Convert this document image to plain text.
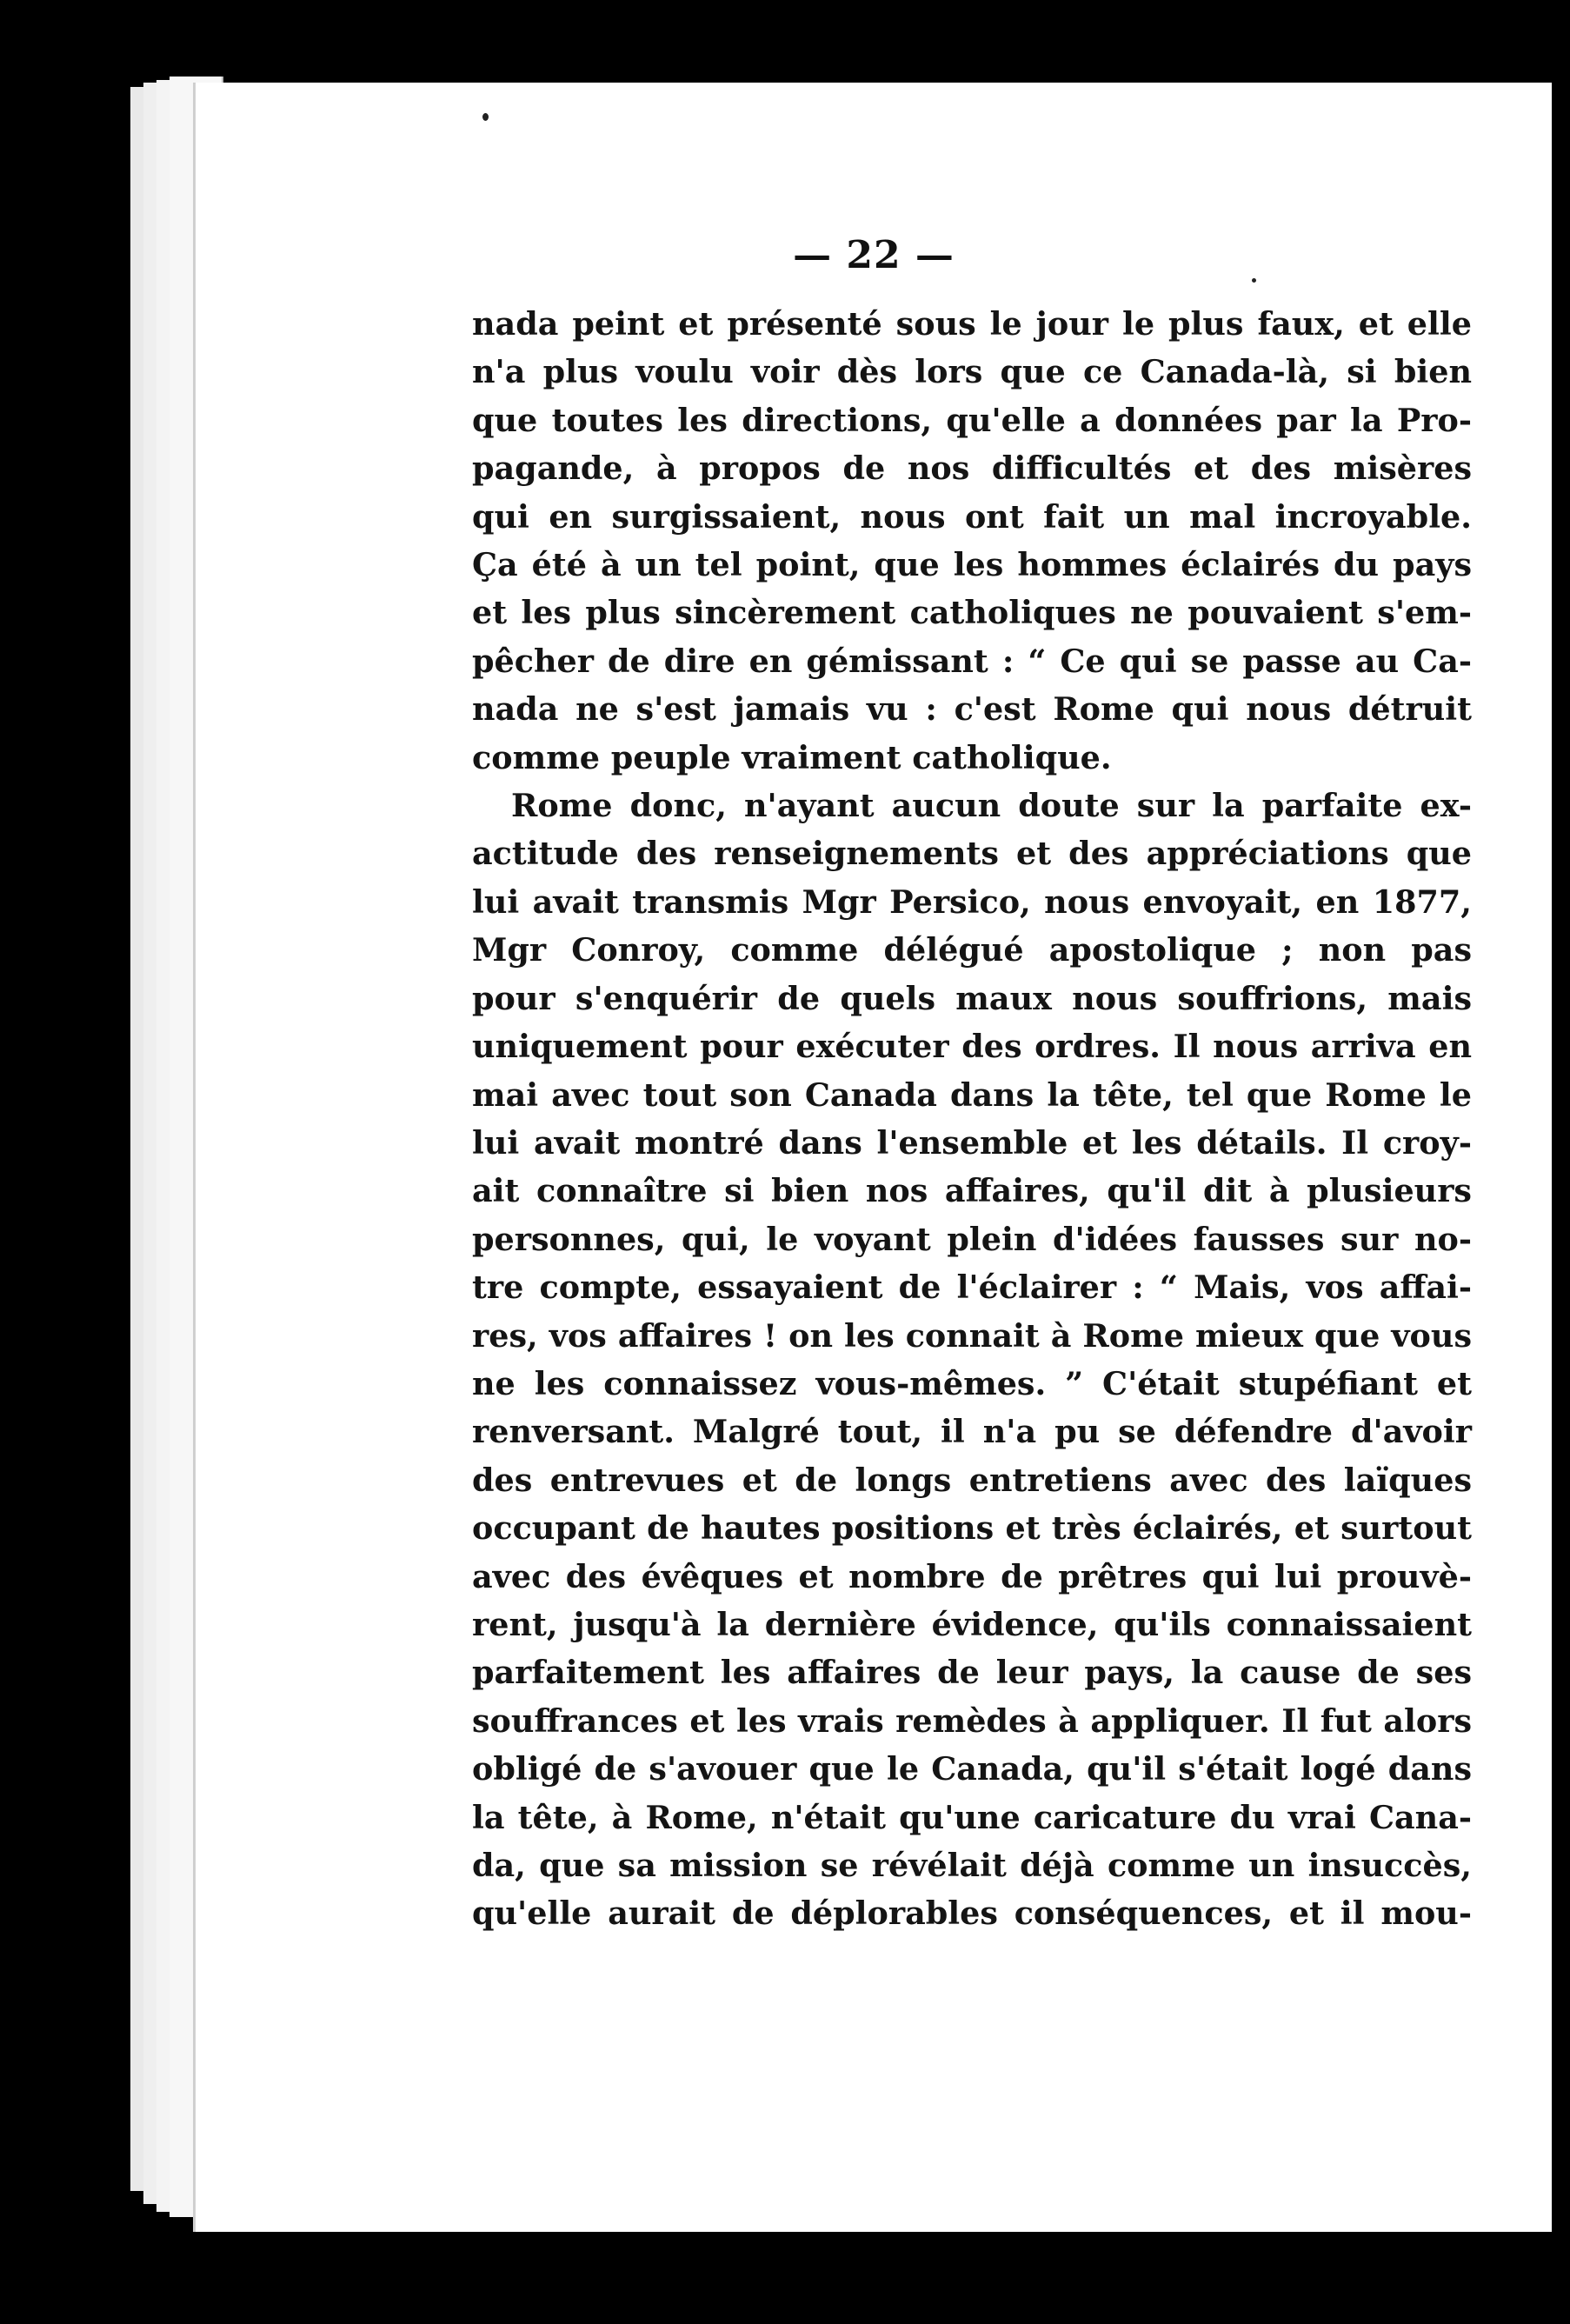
— 22 —

nada peint et présenté sous le jour le plus faux, et elle

n'a plus voulu voir dès lors que ce Canada-là, si bien

que toutes les directions, qu'elle a données par la Pro-

pagande, à propos de nos difficultés et des misères

qui en surgissaient, nous ont fait un mal incroyable.

Ça été à un tel point, que les hommes éclairés du pays

et les plus sincèrement catholiques ne pouvaient s'em-

pêcher de dire en gémissant : “ Ce qui se passe au Ca-

nada ne s'est jamais vu : c'est Rome qui nous détruit

comme peuple vraiment catholique.

Rome donc, n'ayant aucun doute sur la parfaite ex-

actitude des renseignements et des appréciations que

lui avait transmis Mgr Persico, nous envoyait, en 1877,

Mgr Conroy, comme délégué apostolique ; non pas

pour s'enquérir de quels maux nous souffrions, mais

uniquement pour exécuter des ordres. Il nous arriva en

mai avec tout son Canada dans la tête, tel que Rome le

lui avait montré dans l'ensemble et les détails. Il croy-

ait connaître si bien nos affaires, qu'il dit à plusieurs

personnes, qui, le voyant plein d'idées fausses sur no-

tre compte, essayaient de l'éclairer : “ Mais, vos affai-

res, vos affaires ! on les connait à Rome mieux que vous

ne les connaissez vous-mêmes. ” C'était stupéfiant et

renversant. Malgré tout, il n'a pu se défendre d'avoir

des entrevues et de longs entretiens avec des laïques

occupant de hautes positions et très éclairés, et surtout

avec des évêques et nombre de prêtres qui lui prouvè-

rent, jusqu'à la dernière évidence, qu'ils connaissaient

parfaitement les affaires de leur pays, la cause de ses

souffrances et les vrais remèdes à appliquer. Il fut alors

obligé de s'avouer que le Canada, qu'il s'était logé dans

la tête, à Rome, n'était qu'une caricature du vrai Cana-

da, que sa mission se révélait déjà comme un insuccès,

qu'elle aurait de déplorables conséquences, et il mou-
